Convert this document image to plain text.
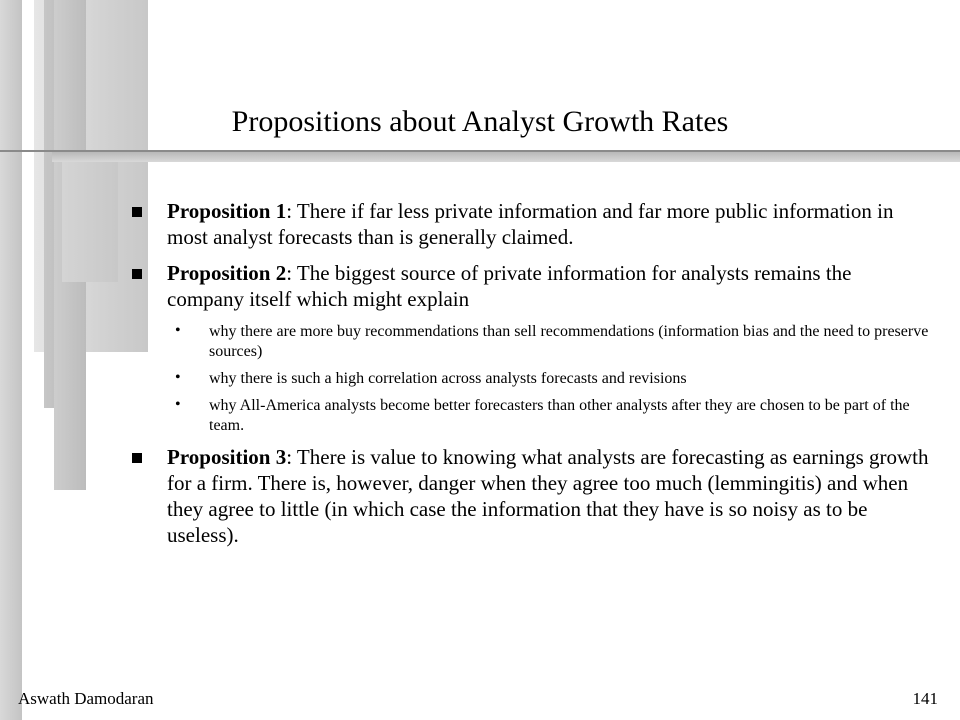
Propositions about Analyst Growth Rates
Proposition 1: There if far less private information and far more public information in most analyst forecasts than is generally claimed.
Proposition 2: The biggest source of private information for analysts remains the company itself which might explain
• why there are more buy recommendations than sell recommendations (information bias and the need to preserve sources)
• why there is such a high correlation across analysts forecasts and revisions
• why All-America analysts become better forecasters than other analysts after they are chosen to be part of the team.
Proposition 3: There is value to knowing what analysts are forecasting as earnings growth for a firm. There is, however, danger when they agree too much (lemmingitis) and when they agree to little (in which case the information that they have is so noisy as to be useless).
Aswath Damodaran	141
